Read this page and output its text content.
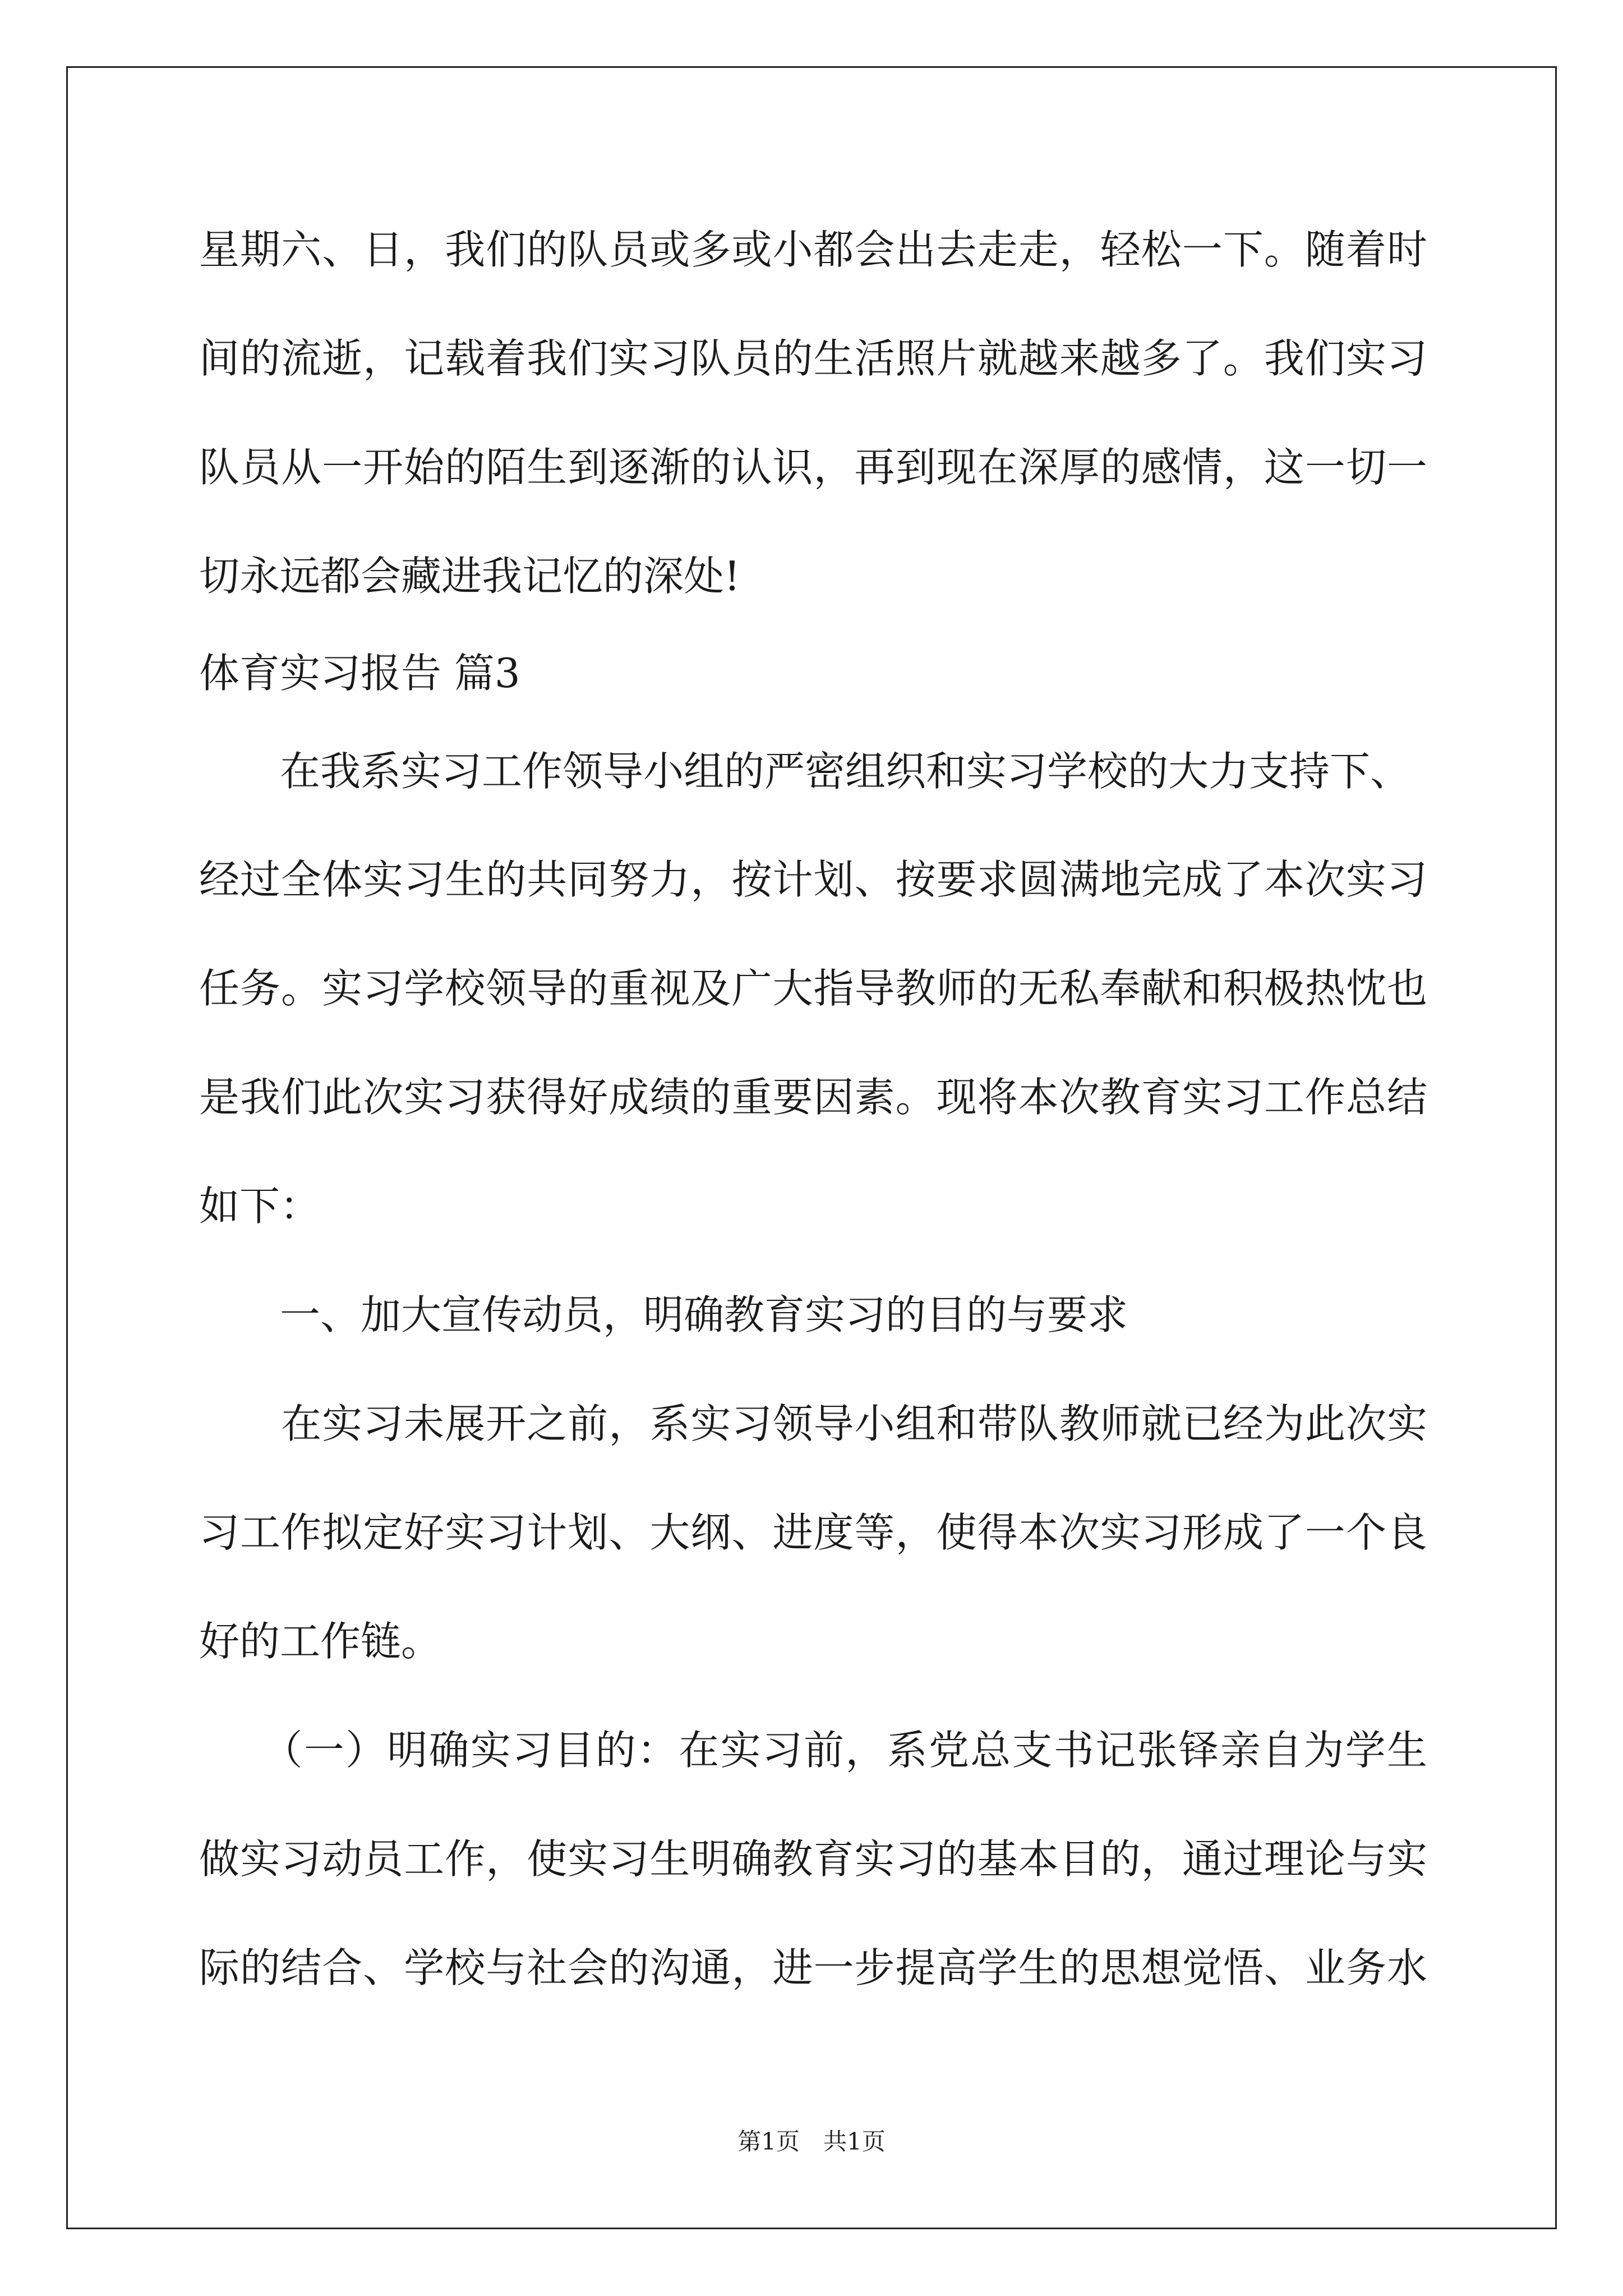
星期六、日，我们的队员或多或小都会出去走走，轻松一下。随着时
间的流逝，记载着我们实习队员的生活照片就越来越多了。我们实习
队员从一开始的陌生到逐渐的认识，再到现在深厚的感情，这一切一
切永远都会藏进我记忆的深处!
体育实习报告 篇3
　　在我系实习工作领导小组的严密组织和实习学校的大力支持下、
经过全体实习生的共同努力，按计划、按要求圆满地完成了本次实习
任务。实习学校领导的重视及广大指导教师的无私奉献和积极热忱也
是我们此次实习获得好成绩的重要因素。现将本次教育实习工作总结
如下：
　　一、加大宣传动员，明确教育实习的目的与要求
　　在实习未展开之前，系实习领导小组和带队教师就已经为此次实
习工作拟定好实习计划、大纲、进度等，使得本次实习形成了一个良
好的工作链。
　　（一）明确实习目的：在实习前，系党总支书记张铎亲自为学生
做实习动员工作，使实习生明确教育实习的基本目的，通过理论与实
际的结合、学校与社会的沟通，进一步提高学生的思想觉悟、业务水
第1页　共1页
